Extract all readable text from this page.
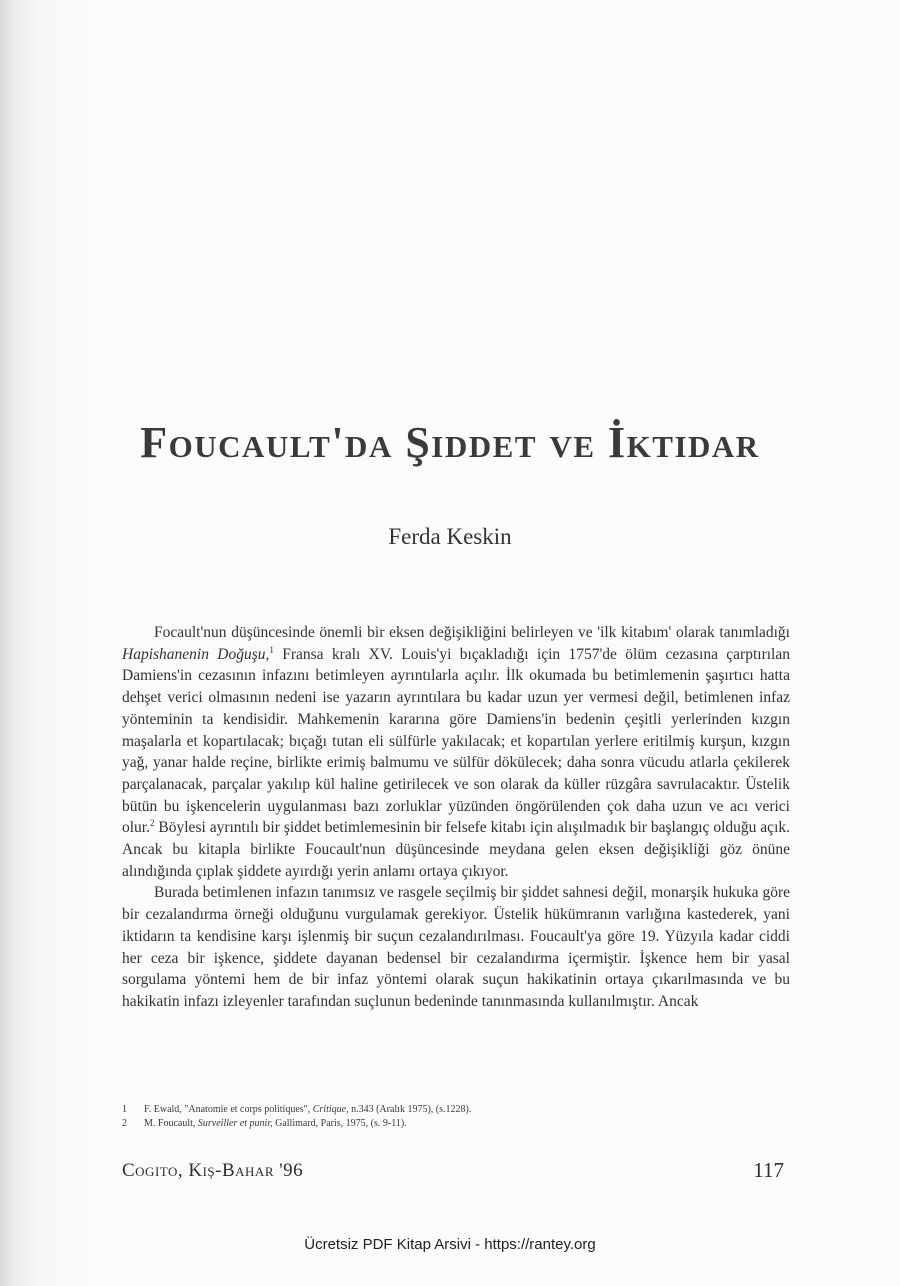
Foucault'da Şiddet ve İktidar
Ferda Keskin

Focault'nun düşüncesinde önemli bir eksen değişikliğini belirleyen ve 'ilk kitabım' olarak tanımladığı Hapishanenin Doğuşu,$^1$ Fransa kralı XV. Louis'yi bıçakladığı için 1757'de ölüm cezasına çarptırılan Damiens'in cezasının infazını betimleyen ayrıntılarla açılır. İlk okumada bu betimlemenin şaşırtıcı hatta dehşet verici olmasının nedeni ise yazarın ayrıntılara bu kadar uzun yer vermesi değil, betimlenen infaz yönteminin ta kendisidir. Mahkemenin kararına göre Damiens'in bedenin çeşitli yerlerinden kızgın maşalarla et kopartılacak; bıçağı tutan eli sülfürle yakılacak; et kopartılan yerlere eritilmiş kurşun, kızgın yağ, yanar halde reçine, birlikte erimiş balmumu ve sülfür dökülecek; daha sonra vücudu atlarla çekilerek parçalanacak, parçalar yakılıp kül haline getirilecek ve son olarak da küller rüzgâra savrulacaktır. Üstelik bütün bu işkencelerin uygulanması bazı zorluklar yüzünden öngörülenden çok daha uzun ve acı verici olur.$^2$ Böylesi ayrıntılı bir şiddet betimlemesinin bir felsefe kitabı için alışılmadık bir başlangıç olduğu açık. Ancak bu kitapla birlikte Foucault'nun düşüncesinde meydana gelen eksen değişikliği göz önüne alındığında çıplak şiddete ayırdığı yerin anlamı ortaya çıkıyor.

Burada betimlenen infazın tanımsız ve rasgele seçilmiş bir şiddet sahnesi değil, monarşik hukuka göre bir cezalandırma örneği olduğunu vurgulamak gerekiyor. Üstelik hükümranın varlığına kastederek, yani iktidarın ta kendisine karşı işlenmiş bir suçun cezalandırılması. Foucault'ya göre 19. Yüzyıla kadar ciddi her ceza bir işkence, şiddete dayanan bedensel bir cezalandırma içermiştir. İşkence hem bir yasal sorgulama yöntemi hem de bir infaz yöntemi olarak suçun hakikatinin ortaya çıkarılmasında ve bu hakikatin infazı izleyenler tarafından suçlunun bedeninde tanınmasında kullanılmıştır. Ancak

1	F. Ewald, "Anatomie et corps politiques", Critique, n.343 (Aralık 1975), (s.1228).
2	M. Foucault, Surveiller et punir, Gallimard, Paris, 1975, (s. 9-11).
Cogito, Kış-Bahar '96	117
Ücretsiz PDF Kitap Arsivi - https://rantey.org
